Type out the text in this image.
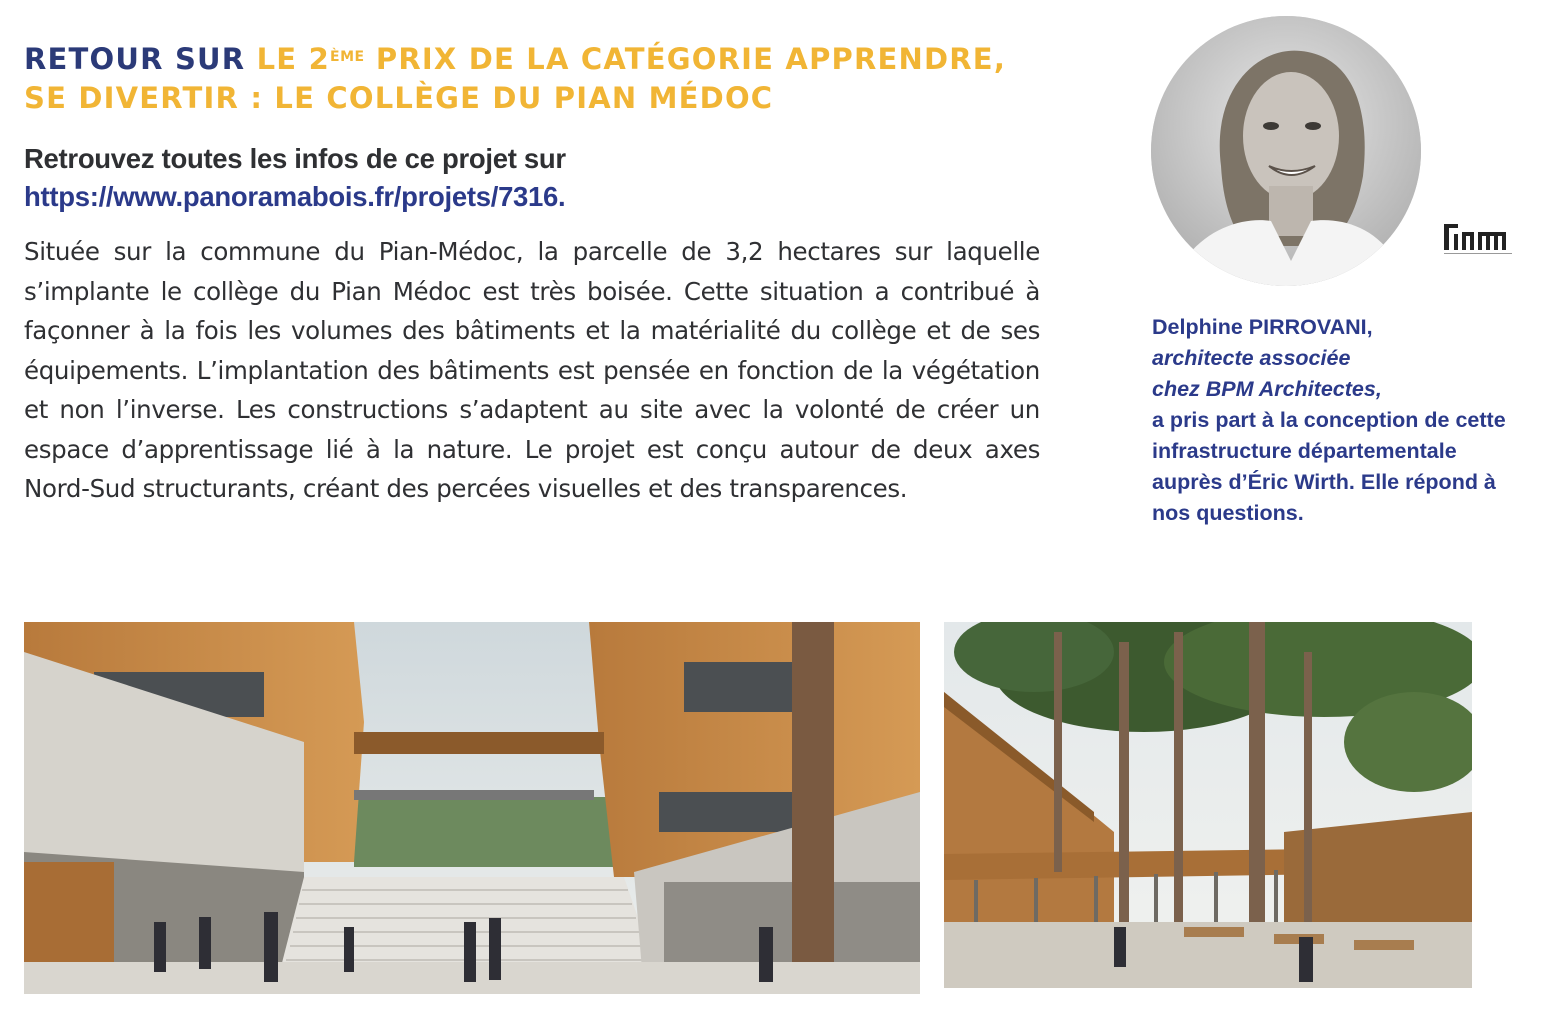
RETOUR SUR LE 2ÈME PRIX DE LA CATÉGORIE APPRENDRE,
SE DIVERTIR : LE COLLÈGE DU PIAN MÉDOC
Retrouvez toutes les infos de ce projet sur https://www.panoramabois.fr/projets/7316.
Située sur la commune du Pian-Médoc, la parcelle de 3,2 hectares sur laquelle s’implante le collège du Pian Médoc est très boisée. Cette situation a contribué à façonner à la fois les volumes des bâtiments et la matérialité du collège et de ses équipements. L’implantation des bâtiments est pensée en fonction de la végétation et non l’inverse. Les constructions s’adaptent au site avec la volonté de créer un espace d’apprentissage lié à la nature. Le projet est conçu autour de deux axes Nord-Sud structurants, créant des percées visuelles et des transparences.
Delphine PIRROVANI,
architecte associée
chez BPM Architectes,
a pris part à la conception de cette infrastructure départementale auprès d’Éric Wirth. Elle répond à nos questions.
